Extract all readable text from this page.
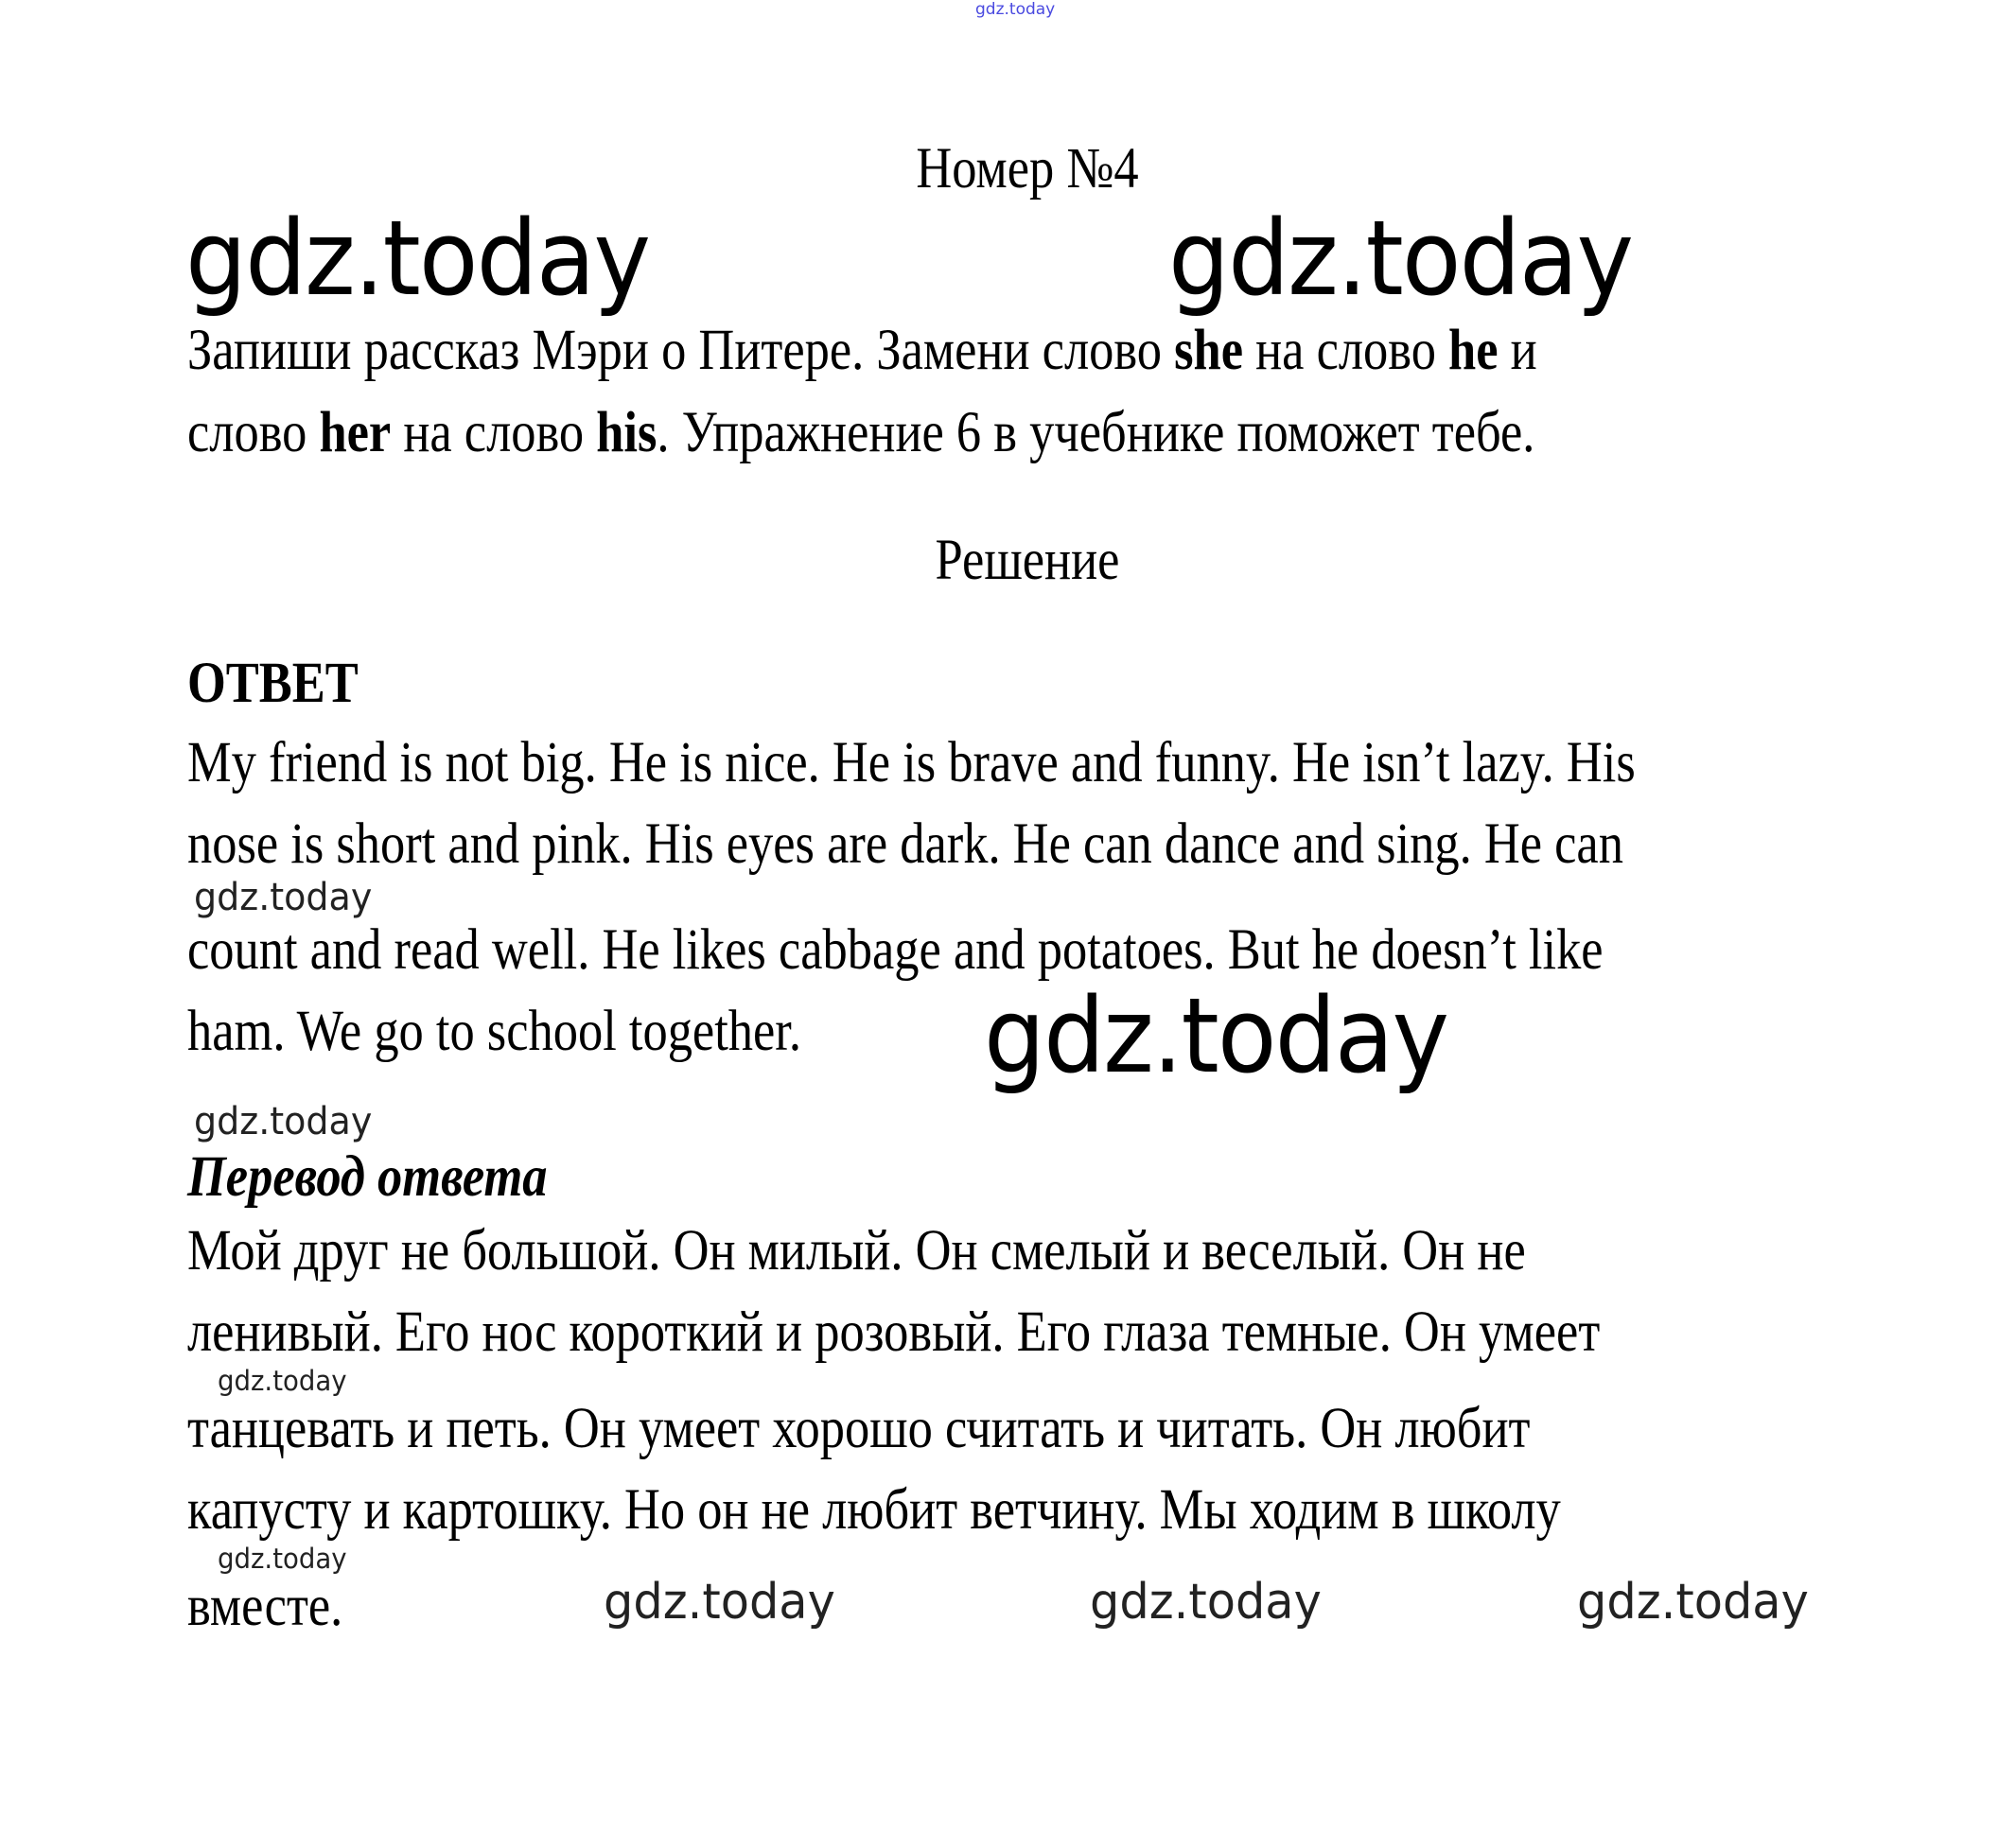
gdz.today
Номер №4
gdz.today	gdz.today
Запиши рассказ Мэри о Питере. Замени слово she на слово he и
слово her на слово his. Упражнение 6 в учебнике поможет тебе.
Решение
ОТВЕТ
My friend is not big. He is nice. He is brave and funny. He isn’t lazy. His
nose is short and pink. His eyes are dark. He can dance and sing. He can
gdz.today
count and read well. He likes cabbage and potatoes. But he doesn’t like
ham. We go to school together. gdz.today
gdz.today
Перевод ответа
Мой друг не большой. Он милый. Он смелый и веселый. Он не
ленивый. Его нос короткий и розовый. Его глаза темные. Он умеет
gdz.today
танцевать и петь. Он умеет хорошо считать и читать. Он любит
капусту и картошку. Но он не любит ветчину. Мы ходим в школу
gdz.today
вместе.	gdz.today	gdz.today	gdz.today
